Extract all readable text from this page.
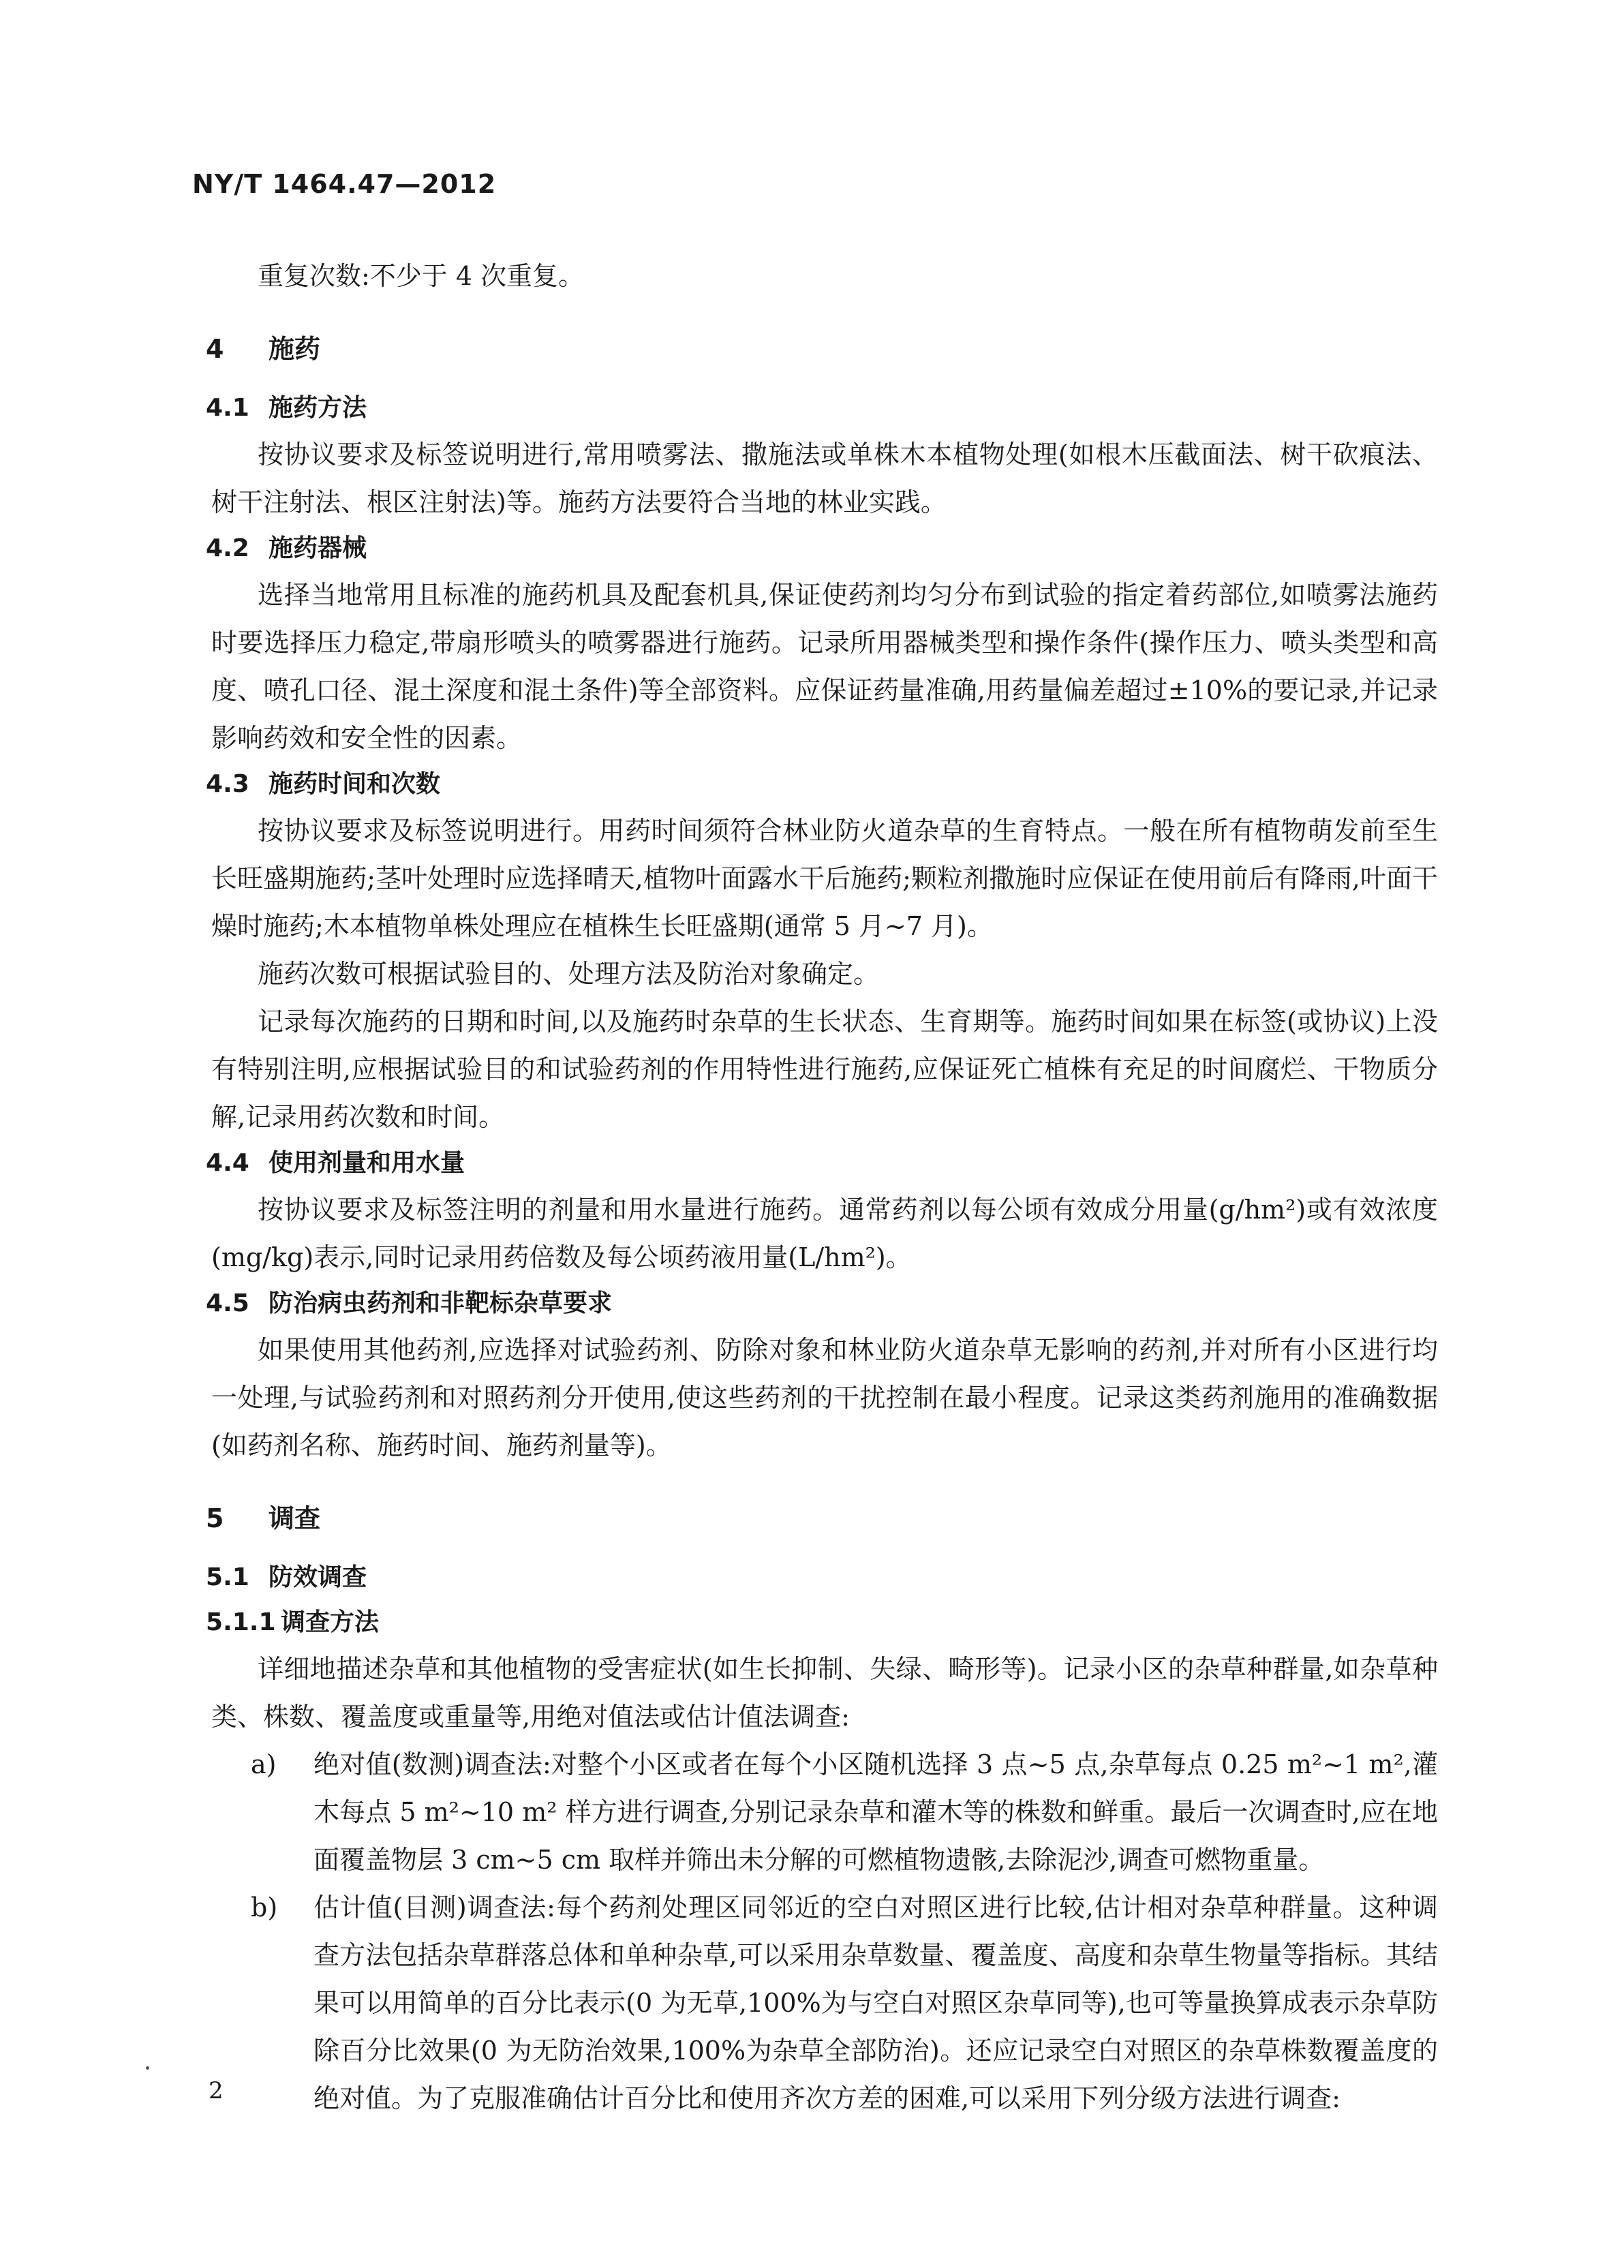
NY/T 1464.47—2012

重复次数:不少于 4 次重复。

4 施药
4.1 施药方法

按协议要求及标签说明进行,常用喷雾法、撒施法或单株木本植物处理(如根木压截面法、树干砍痕法、树干注射法、根区注射法)等。施药方法要符合当地的林业实践。

4.2 施药器械

选择当地常用且标准的施药机具及配套机具,保证使药剂均匀分布到试验的指定着药部位,如喷雾法施药时要选择压力稳定,带扇形喷头的喷雾器进行施药。记录所用器械类型和操作条件(操作压力、喷头类型和高度、喷孔口径、混土深度和混土条件)等全部资料。应保证药量准确,用药量偏差超过±10%的要记录,并记录影响药效和安全性的因素。

4.3 施药时间和次数

按协议要求及标签说明进行。用药时间须符合林业防火道杂草的生育特点。一般在所有植物萌发前至生长旺盛期施药;茎叶处理时应选择晴天,植物叶面露水干后施药;颗粒剂撒施时应保证在使用前后有降雨,叶面干燥时施药;木本植物单株处理应在植株生长旺盛期(通常 5 月~7 月)。

施药次数可根据试验目的、处理方法及防治对象确定。

记录每次施药的日期和时间,以及施药时杂草的生长状态、生育期等。施药时间如果在标签(或协议)上没有特别注明,应根据试验目的和试验药剂的作用特性进行施药,应保证死亡植株有充足的时间腐烂、干物质分解,记录用药次数和时间。

4.4 使用剂量和用水量

按协议要求及标签注明的剂量和用水量进行施药。通常药剂以每公顷有效成分用量(g/hm²)或有效浓度(mg/kg)表示,同时记录用药倍数及每公顷药液用量(L/hm²)。

4.5 防治病虫药剂和非靶标杂草要求

如果使用其他药剂,应选择对试验药剂、防除对象和林业防火道杂草无影响的药剂,并对所有小区进行均一处理,与试验药剂和对照药剂分开使用,使这些药剂的干扰控制在最小程度。记录这类药剂施用的准确数据(如药剂名称、施药时间、施药剂量等)。

5 调查
5.1 防效调查
5.1.1 调查方法

详细地描述杂草和其他植物的受害症状(如生长抑制、失绿、畸形等)。记录小区的杂草种群量,如杂草种类、株数、覆盖度或重量等,用绝对值法或估计值法调查:

a) 绝对值(数测)调查法:对整个小区或者在每个小区随机选择 3 点~5 点,杂草每点 0.25 m²~1 m²,灌木每点 5 m²~10 m² 样方进行调查,分别记录杂草和灌木等的株数和鲜重。最后一次调查时,应在地面覆盖物层 3 cm~5 cm 取样并筛出未分解的可燃植物遗骸,去除泥沙,调查可燃物重量。

b) 估计值(目测)调查法:每个药剂处理区同邻近的空白对照区进行比较,估计相对杂草种群量。这种调查方法包括杂草群落总体和单种杂草,可以采用杂草数量、覆盖度、高度和杂草生物量等指标。其结果可以用简单的百分比表示(0 为无草,100%为与空白对照区杂草同等),也可等量换算成表示杂草防除百分比效果(0 为无防治效果,100%为杂草全部防治)。还应记录空白对照区的杂草株数覆盖度的绝对值。为了克服准确估计百分比和使用齐次方差的困难,可以采用下列分级方法进行调查:

2
